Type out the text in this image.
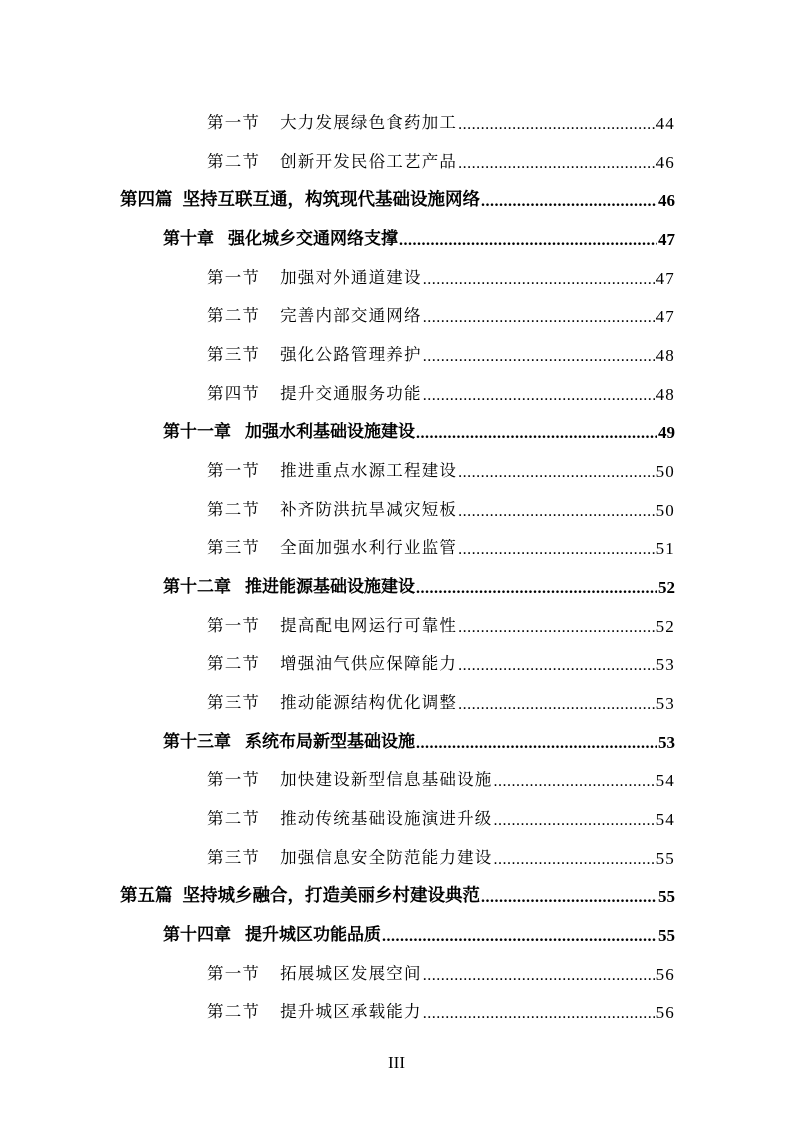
第一节 大力发展绿色食药加工 .....	44
第二节 创新开发民俗工艺产品 .....	46
第四篇 坚持互联互通，构筑现代基础设施网络 .....	46
第十章 强化城乡交通网络支撑 .....	47
第一节 加强对外通道建设 .....	47
第二节 完善内部交通网络 .....	47
第三节 强化公路管理养护 .....	48
第四节 提升交通服务功能 .....	48
第十一章 加强水利基础设施建设 .....	49
第一节 推进重点水源工程建设 .....	50
第二节 补齐防洪抗旱减灾短板 .....	50
第三节 全面加强水利行业监管 .....	51
第十二章 推进能源基础设施建设 .....	52
第一节 提高配电网运行可靠性 .....	52
第二节 增强油气供应保障能力 .....	53
第三节 推动能源结构优化调整 .....	53
第十三章 系统布局新型基础设施 .....	53
第一节 加快建设新型信息基础设施 .....	54
第二节 推动传统基础设施演进升级 .....	54
第三节 加强信息安全防范能力建设 .....	55
第五篇 坚持城乡融合，打造美丽乡村建设典范 .....	55
第十四章 提升城区功能品质 .....	55
第一节 拓展城区发展空间 .....	56
第二节 提升城区承载能力 .....	56
III
